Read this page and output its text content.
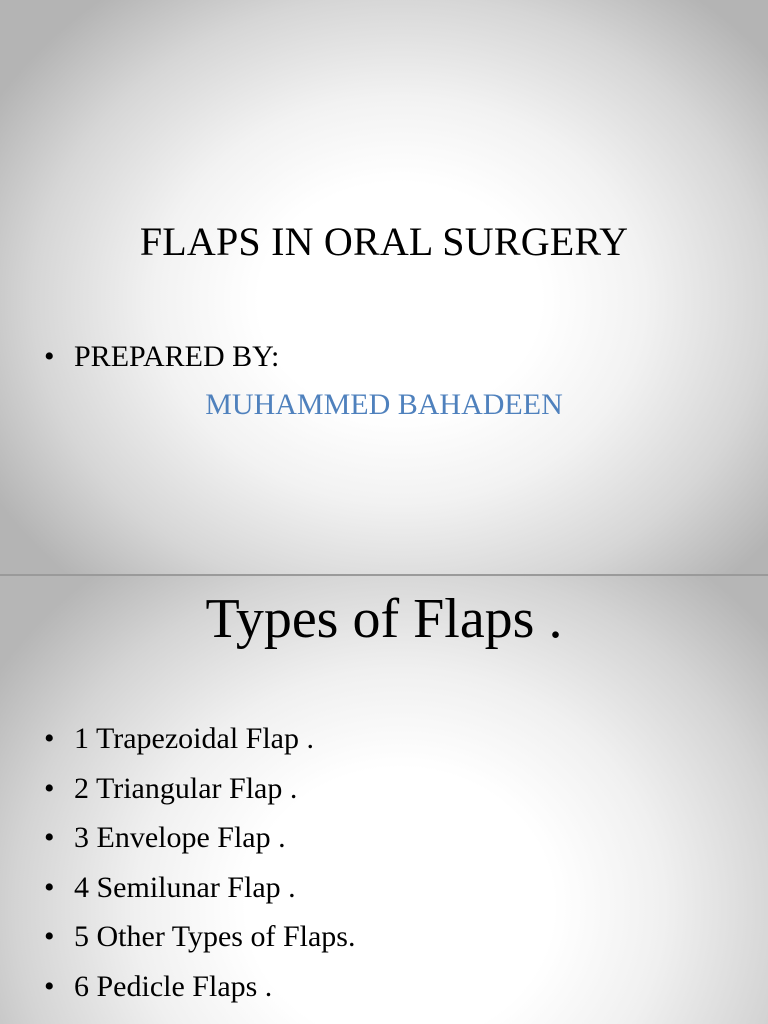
FLAPS IN ORAL SURGERY
• PREPARED BY:
MUHAMMED BAHADEEN
Types of Flaps .
• 1 Trapezoidal Flap .
• 2 Triangular Flap .
• 3 Envelope Flap .
• 4 Semilunar Flap .
• 5 Other Types of Flaps.
• 6 Pedicle Flaps .
